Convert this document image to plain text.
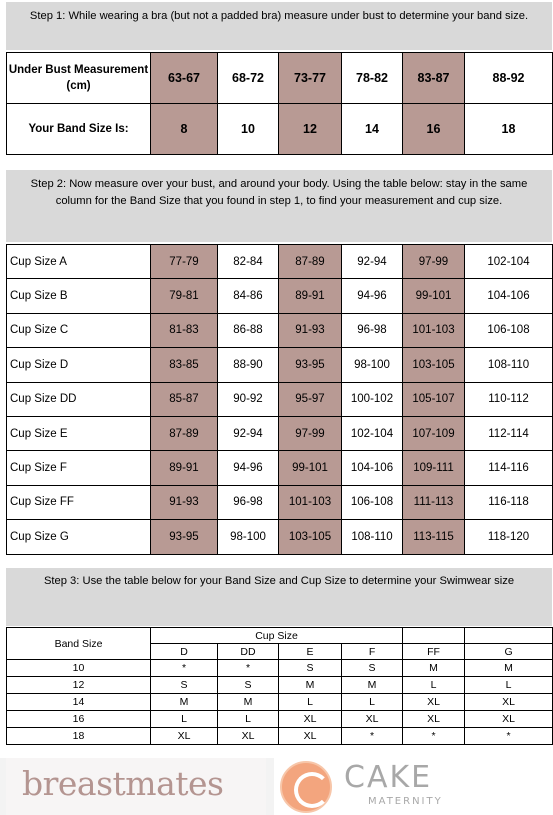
Step 1: While wearing a bra (but not a padded bra) measure under bust to determine your band size.
Under Bust Measurement (cm)	63-67	68-72	73-77	78-82	83-87	88-92
Your Band Size Is:	8	10	12	14	16	18
Step 2: Now measure over your bust, and around your body. Using the table below: stay in the same column for the Band Size that you found in step 1, to find your measurement and cup size.
Cup Size A	77-79	82-84	87-89	92-94	97-99	102-104
Cup Size B	79-81	84-86	89-91	94-96	99-101	104-106
Cup Size C	81-83	86-88	91-93	96-98	101-103	106-108
Cup Size D	83-85	88-90	93-95	98-100	103-105	108-110
Cup Size DD	85-87	90-92	95-97	100-102	105-107	110-112
Cup Size E	87-89	92-94	97-99	102-104	107-109	112-114
Cup Size F	89-91	94-96	99-101	104-106	109-111	114-116
Cup Size FF	91-93	96-98	101-103	106-108	111-113	116-118
Cup Size G	93-95	98-100	103-105	108-110	113-115	118-120
Step 3: Use the table below for your Band Size and Cup Size to determine your Swimwear size
Band Size	Cup Size					
	D	DD	E	F	FF	G
10	*	*	S	S	M	M
12	S	S	M	M	L	L
14	M	M	L	L	XL	XL
16	L	L	XL	XL	XL	XL
18	XL	XL	XL	*	*	*
breastmates	CAKE
MATERNITY
